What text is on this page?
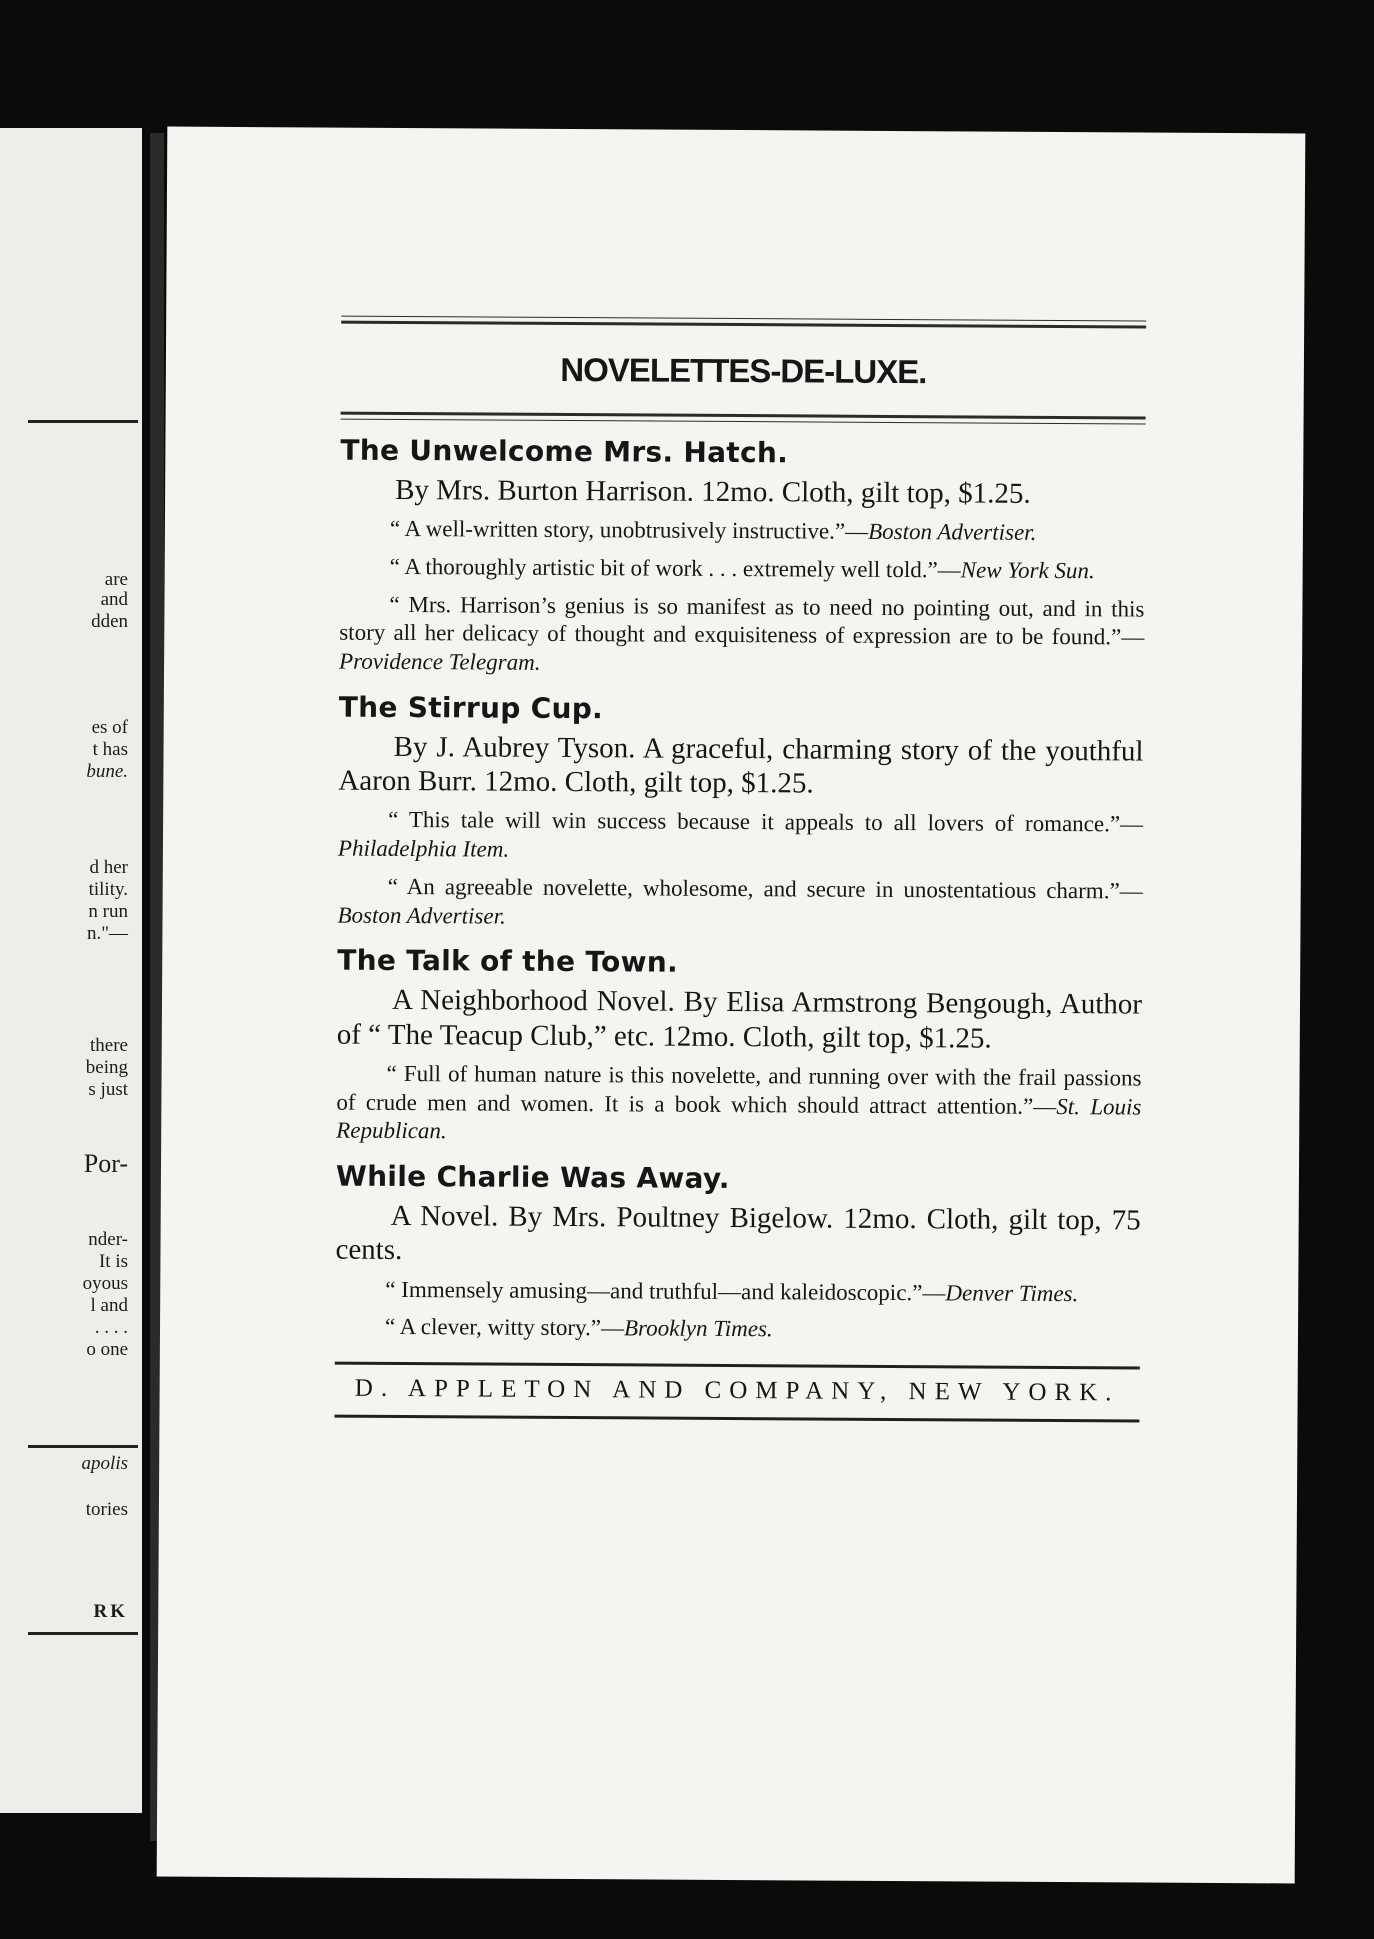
are
and
dden
es of
t has
bune.
d her
tility.
n run
n."—
there
being
s just
Por-
nder-
It is
oyous
l and
. . . .
o one
apolis
tories
RK
NOVELETTES-DE-LUXE.
The Unwelcome Mrs. Hatch.

By Mrs. Burton Harrison. 12mo. Cloth, gilt top, $1.25.

“ A well-written story, unobtrusively instructive.”—Boston Advertiser.

“ A thoroughly artistic bit of work . . . extremely well told.”—New York Sun.

“ Mrs. Harrison’s genius is so manifest as to need no pointing out, and in this story all her delicacy of thought and exquisiteness of expression are to be found.”—Providence Telegram.

The Stirrup Cup.

By J. Aubrey Tyson. A graceful, charming story of the youthful Aaron Burr. 12mo. Cloth, gilt top, $1.25.

“ This tale will win success because it appeals to all lovers of romance.”—Philadelphia Item.

“ An agreeable novelette, wholesome, and secure in unostentatious charm.”—Boston Advertiser.

The Talk of the Town.

A Neighborhood Novel. By Elisa Armstrong Bengough, Author of “ The Teacup Club,” etc. 12mo. Cloth, gilt top, $1.25.

“ Full of human nature is this novelette, and running over with the frail passions of crude men and women. It is a book which should attract attention.”—St. Louis Republican.

While Charlie Was Away.

A Novel. By Mrs. Poultney Bigelow. 12mo. Cloth, gilt top, 75 cents.

“ Immensely amusing—and truthful—and kaleidoscopic.”—Denver Times.

“ A clever, witty story.”—Brooklyn Times.

D. APPLETON AND COMPANY, NEW YORK.
